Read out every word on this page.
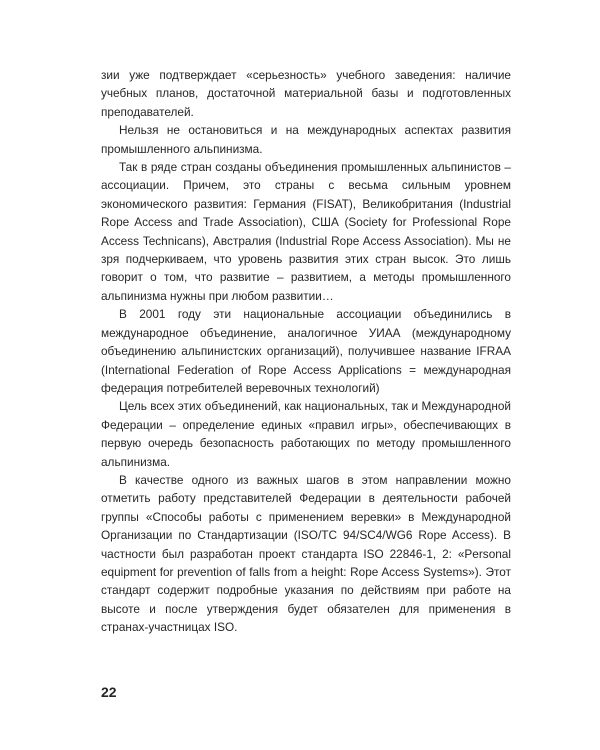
зии уже подтверждает «серьезность» учебного заведения: наличие учебных планов, достаточной материальной базы и подготовленных преподавателей.

Нельзя не остановиться и на международных аспектах развития промышленного альпинизма.

Так в ряде стран созданы объединения промышленных альпинистов – ассоциации. Причем, это страны с весьма сильным уровнем экономического развития: Германия (FISAT), Великобритания (Industrial Rope Access and Trade Association), США (Society for Professional Rope Access Technicans), Австралия (Industrial Rope Access Association). Мы не зря подчеркиваем, что уровень развития этих стран высок. Это лишь говорит о том, что развитие – развитием, а методы промышленного альпинизма нужны при любом развитии…

В 2001 году эти национальные ассоциации объединились в международное объединение, аналогичное УИАА (международному объединению альпинистских организаций), получившее название IFRAA (International Federation of Rope Access Applications = международная федерация потребителей веревочных технологий)

Цель всех этих объединений, как национальных, так и Международной Федерации – определение единых «правил игры», обеспечивающих в первую очередь безопасность работающих по методу промышленного альпинизма.

В качестве одного из важных шагов в этом направлении можно отметить работу представителей Федерации в деятельности рабочей группы «Способы работы с применением веревки» в Международной Организации по Стандартизации (ISO/TC 94/SC4/WG6 Rope Access). В частности был разработан проект стандарта ISO 22846-1, 2: «Personal equipment for prevention of falls from a height: Rope Access Systems»). Этот стандарт содержит подробные указания по действиям при работе на высоте и после утверждения будет обязателен для применения в странах-участницах ISO.

22
